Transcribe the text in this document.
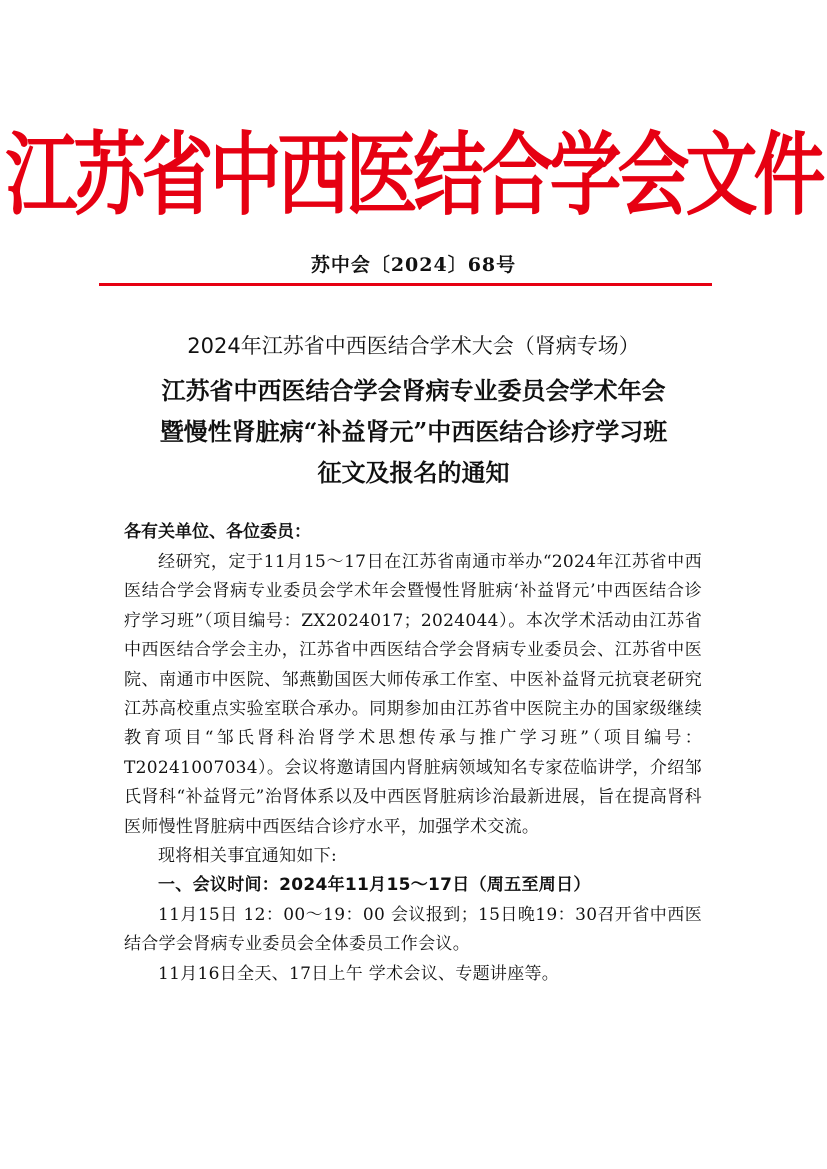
江苏省中西医结合学会文件
苏中会〔2024〕68号
2024年江苏省中西医结合学术大会（肾病专场）
江苏省中西医结合学会肾病专业委员会学术年会
暨慢性肾脏病“补益肾元”中西医结合诊疗学习班
征文及报名的通知
各有关单位、各位委员：

经研究，定于11月15～17日在江苏省南通市举办“2024年江苏省中西医结合学会肾病专业委员会学术年会暨慢性肾脏病‘补益肾元’中西医结合诊疗学习班”（项目编号：ZX2024017；2024044）。本次学术活动由江苏省中西医结合学会主办，江苏省中西医结合学会肾病专业委员会、江苏省中医院、南通市中医院、邹燕勤国医大师传承工作室、中医补益肾元抗衰老研究江苏高校重点实验室联合承办。同期参加由江苏省中医院主办的国家级继续教育项目“邹氏肾科治肾学术思想传承与推广学习班”（项目编号：T20241007034）。会议将邀请国内肾脏病领域知名专家莅临讲学，介绍邹氏肾科“补益肾元”治肾体系以及中西医肾脏病诊治最新进展，旨在提高肾科医师慢性肾脏病中西医结合诊疗水平，加强学术交流。

现将相关事宜通知如下:

一、会议时间：2024年11月15～17日（周五至周日）

11月15日 12：00～19：00 会议报到；15日晚19：30召开省中西医结合学会肾病专业委员会全体委员工作会议。

11月16日全天、17日上午 学术会议、专题讲座等。
